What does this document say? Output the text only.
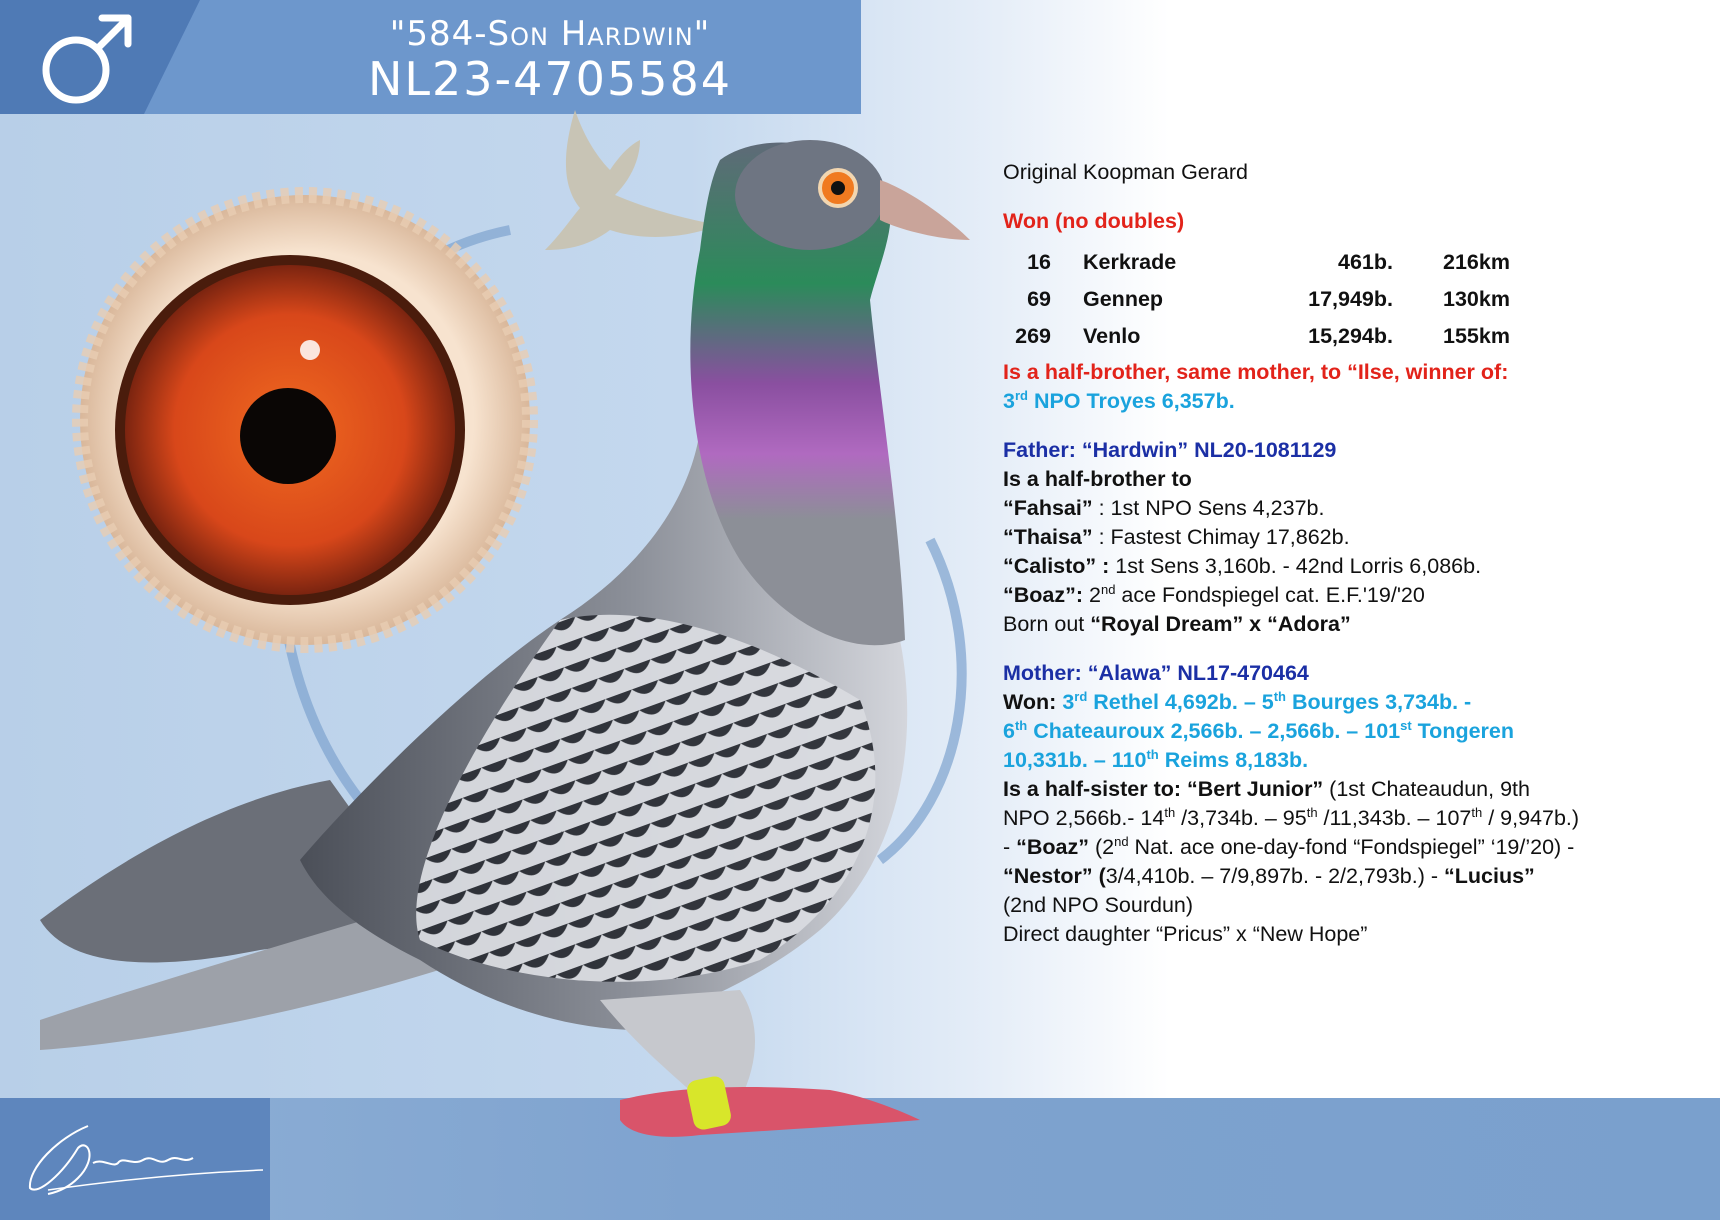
"584-Son Hardwin"
NL23-4705584

Original Koopman Gerard

Won (no doubles)

16	Kerkrade	461b.	216km
69	Gennep	17,949b.	130km
269	Venlo	15,294b.	155km

Is a half-brother, same mother, to “Ilse, winner of:

3rd NPO Troyes 6,357b.

Father: “Hardwin” NL20-1081129

Is a half-brother to

“Fahsai” : 1st NPO Sens 4,237b.

“Thaisa” : Fastest Chimay 17,862b.

“Calisto” : 1st Sens 3,160b. - 42nd Lorris 6,086b.

“Boaz”: 2nd ace Fondspiegel cat. E.F.'19/'20

Born out “Royal Dream” x “Adora”

Mother: “Alawa” NL17-470464

Won: 3rd Rethel 4,692b. – 5th Bourges 3,734b. -

6th Chateauroux 2,566b. – 2,566b. – 101st Tongeren

10,331b. – 110th Reims 8,183b.

Is a half-sister to: “Bert Junior” (1st Chateaudun, 9th

NPO 2,566b.- 14th /3,734b. – 95th /11,343b. – 107th / 9,947b.)

- “Boaz” (2nd Nat. ace one-day-fond “Fondspiegel” ‘19/’20) -

“Nestor” (3/4,410b. – 7/9,897b. - 2/2,793b.) - “Lucius”

(2nd NPO Sourdun)

Direct daughter “Pricus” x “New Hope”
